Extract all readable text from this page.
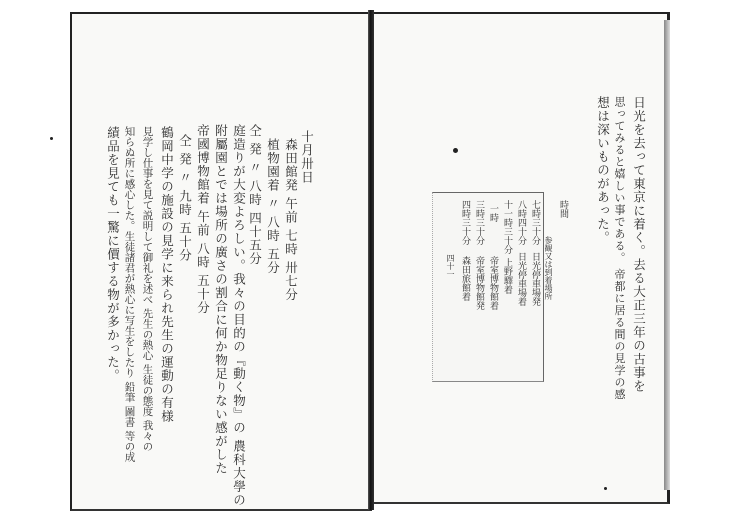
十月卅日
森田館発 午前 七時 卅七分
植物園着 〃 八時 五分
仝 発 〃 八時 四十五分
庭造りが大変よろしい。我々の目的の『動く物』の 農科大學の
附屬園とでは場所の廣さの割合に何か物足りない感がした
帝國博物館着 午前 八時 五十分
仝 発 〃 九時 五十分
鶴岡中学の施設の見学に来られ先生の運動の有様
見学し仕事を見て説明して御礼を述べ 先生の熱心 生徒の態度 我々の
知らぬ所に感心した。生徒諸君が熱心に写生をしたり 鉛筆 圖書 等の成
績品を見ても一驚に價する物が多かった。	日光を去って東京に着く。去る大正三年の古事を
思ってみると嬉しい事である。 帝都に居る間の見学の感
想は深いものがあった。
時間
参観又は到着場所
七時三十分
日光停車場発
八時四十分
日光停車場着
十一時三十分
上野驛着
一時
帝室博物館着
三時三十分
帝室博物館発
四時三十分
森田旅館着
四十一
